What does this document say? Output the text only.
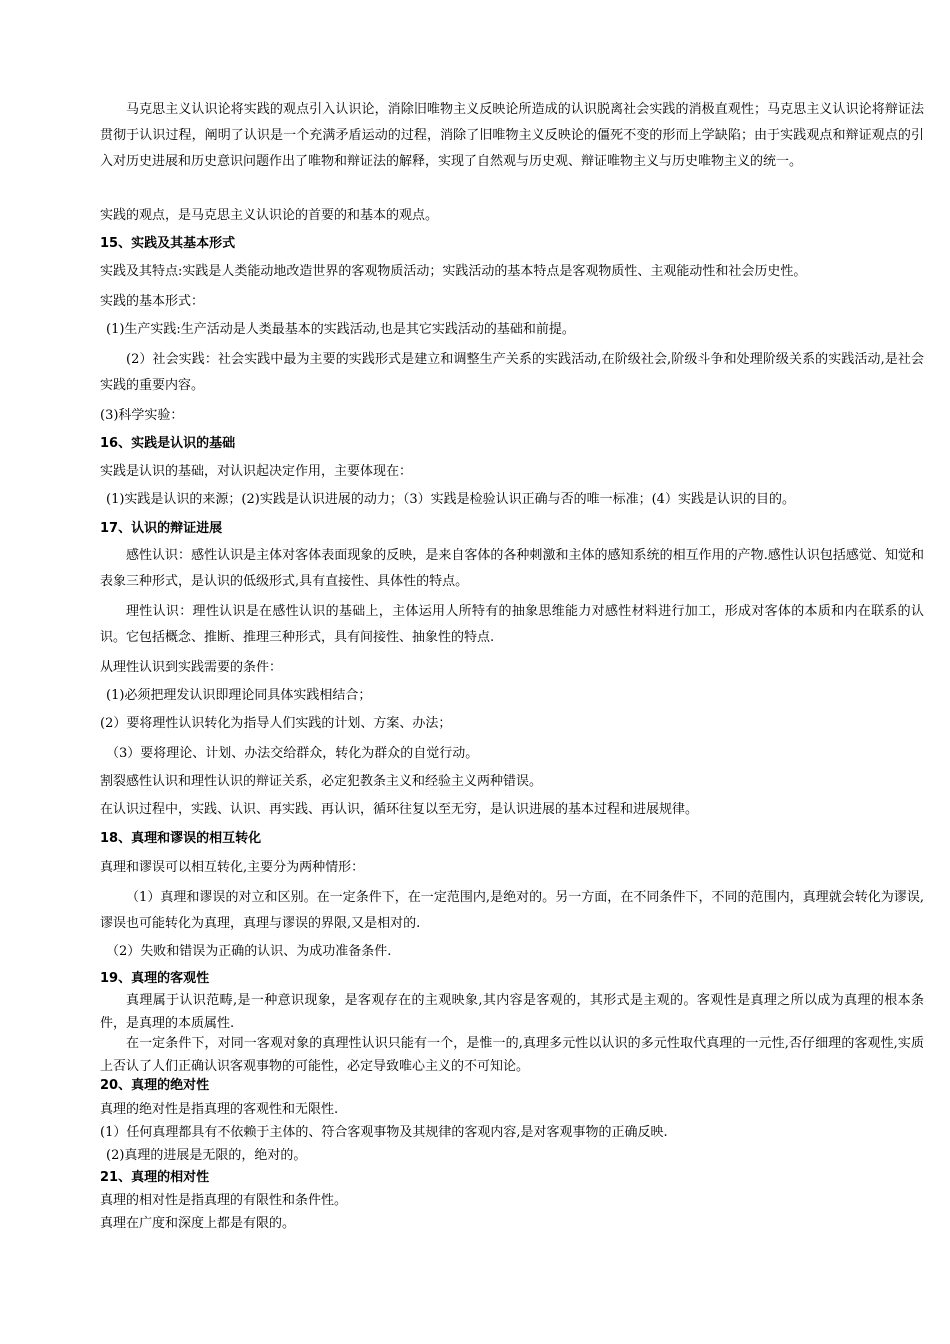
马克思主义认识论将实践的观点引入认识论，消除旧唯物主义反映论所造成的认识脱离社会实践的消极直观性；马克思主义认识论将辩证法贯彻于认识过程，阐明了认识是一个充满矛盾运动的过程，消除了旧唯物主义反映论的僵死不变的形而上学缺陷；由于实践观点和辩证观点的引入对历史进展和历史意识问题作出了唯物和辩证法的解释，实现了自然观与历史观、辩证唯物主义与历史唯物主义的统一。
实践的观点，是马克思主义认识论的首要的和基本的观点。
15、实践及其基本形式
实践及其特点:实践是人类能动地改造世界的客观物质活动；实践活动的基本特点是客观物质性、主观能动性和社会历史性。
实践的基本形式：
(1)生产实践:生产活动是人类最基本的实践活动,也是其它实践活动的基础和前提。
(2）社会实践：社会实践中最为主要的实践形式是建立和调整生产关系的实践活动,在阶级社会,阶级斗争和处理阶级关系的实践活动,是社会实践的重要内容。
(3)科学实验：
16、实践是认识的基础
实践是认识的基础，对认识起决定作用，主要体现在：
(1)实践是认识的来源；(2)实践是认识进展的动力；（3）实践是检验认识正确与否的唯一标准；(4）实践是认识的目的。
17、认识的辩证进展
感性认识：感性认识是主体对客体表面现象的反映，是来自客体的各种刺激和主体的感知系统的相互作用的产物.感性认识包括感觉、知觉和表象三种形式，是认识的低级形式,具有直接性、具体性的特点。
理性认识：理性认识是在感性认识的基础上，主体运用人所特有的抽象思维能力对感性材料进行加工，形成对客体的本质和内在联系的认识。它包括概念、推断、推理三种形式，具有间接性、抽象性的特点.
从理性认识到实践需要的条件：
(1)必须把理发认识即理论同具体实践相结合；
(2）要将理性认识转化为指导人们实践的计划、方案、办法；
（3）要将理论、计划、办法交给群众，转化为群众的自觉行动。
割裂感性认识和理性认识的辩证关系，必定犯教条主义和经验主义两种错误。
在认识过程中，实践、认识、再实践、再认识，循环往复以至无穷，是认识进展的基本过程和进展规律。
18、真理和谬误的相互转化
真理和谬误可以相互转化,主要分为两种情形：
（1）真理和谬误的对立和区别。在一定条件下，在一定范围内,是绝对的。另一方面，在不同条件下，不同的范围内，真理就会转化为谬误,谬误也可能转化为真理，真理与谬误的界限,又是相对的.
（2）失败和错误为正确的认识、为成功准备条件.
19、真理的客观性
真理属于认识范畴,是一种意识现象，是客观存在的主观映象,其内容是客观的，其形式是主观的。客观性是真理之所以成为真理的根本条件，是真理的本质属性.
在一定条件下，对同一客观对象的真理性认识只能有一个，是惟一的,真理多元性以认识的多元性取代真理的一元性,否仔细理的客观性,实质上否认了人们正确认识客观事物的可能性，必定导致唯心主义的不可知论。
20、真理的绝对性
真理的绝对性是指真理的客观性和无限性.
(1）任何真理都具有不依赖于主体的、符合客观事物及其规律的客观内容,是对客观事物的正确反映.
(2)真理的进展是无限的，绝对的。
21、真理的相对性
真理的相对性是指真理的有限性和条件性。
真理在广度和深度上都是有限的。
